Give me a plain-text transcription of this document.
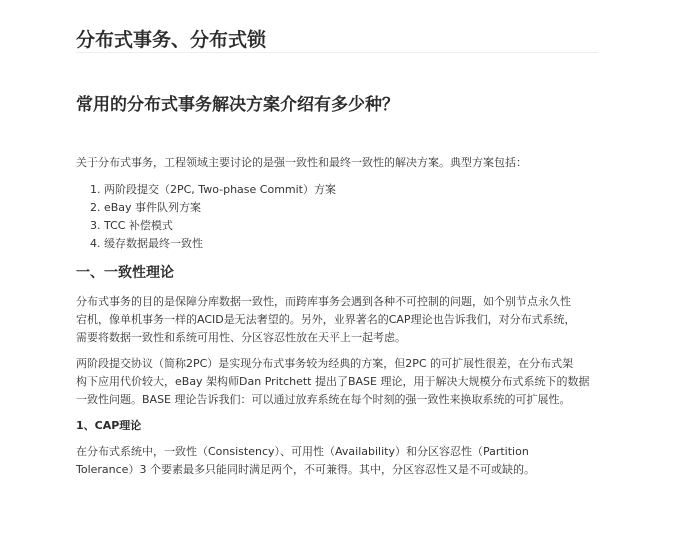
分布式事务、分布式锁
常用的分布式事务解决方案介绍有多少种？
关于分布式事务，工程领域主要讨论的是强一致性和最终一致性的解决方案。典型方案包括：
1. 两阶段提交（2PC, Two-phase Commit）方案
2. eBay 事件队列方案
3. TCC 补偿模式
4. 缓存数据最终一致性
一、一致性理论
分布式事务的目的是保障分库数据一致性，而跨库事务会遇到各种不可控制的问题，如个别节点永久性
宕机，像单机事务一样的ACID是无法奢望的。另外，业界著名的CAP理论也告诉我们，对分布式系统，
需要将数据一致性和系统可用性、分区容忍性放在天平上一起考虑。
两阶段提交协议（简称2PC）是实现分布式事务较为经典的方案，但2PC 的可扩展性很差，在分布式架
构下应用代价较大，eBay 架构师Dan Pritchett 提出了BASE 理论，用于解决大规模分布式系统下的数据
一致性问题。BASE 理论告诉我们：可以通过放弃系统在每个时刻的强一致性来换取系统的可扩展性。
1、CAP理论
在分布式系统中，一致性（Consistency）、可用性（Availability）和分区容忍性（Partition
Tolerance）3 个要素最多只能同时满足两个，不可兼得。其中，分区容忍性又是不可或缺的。
